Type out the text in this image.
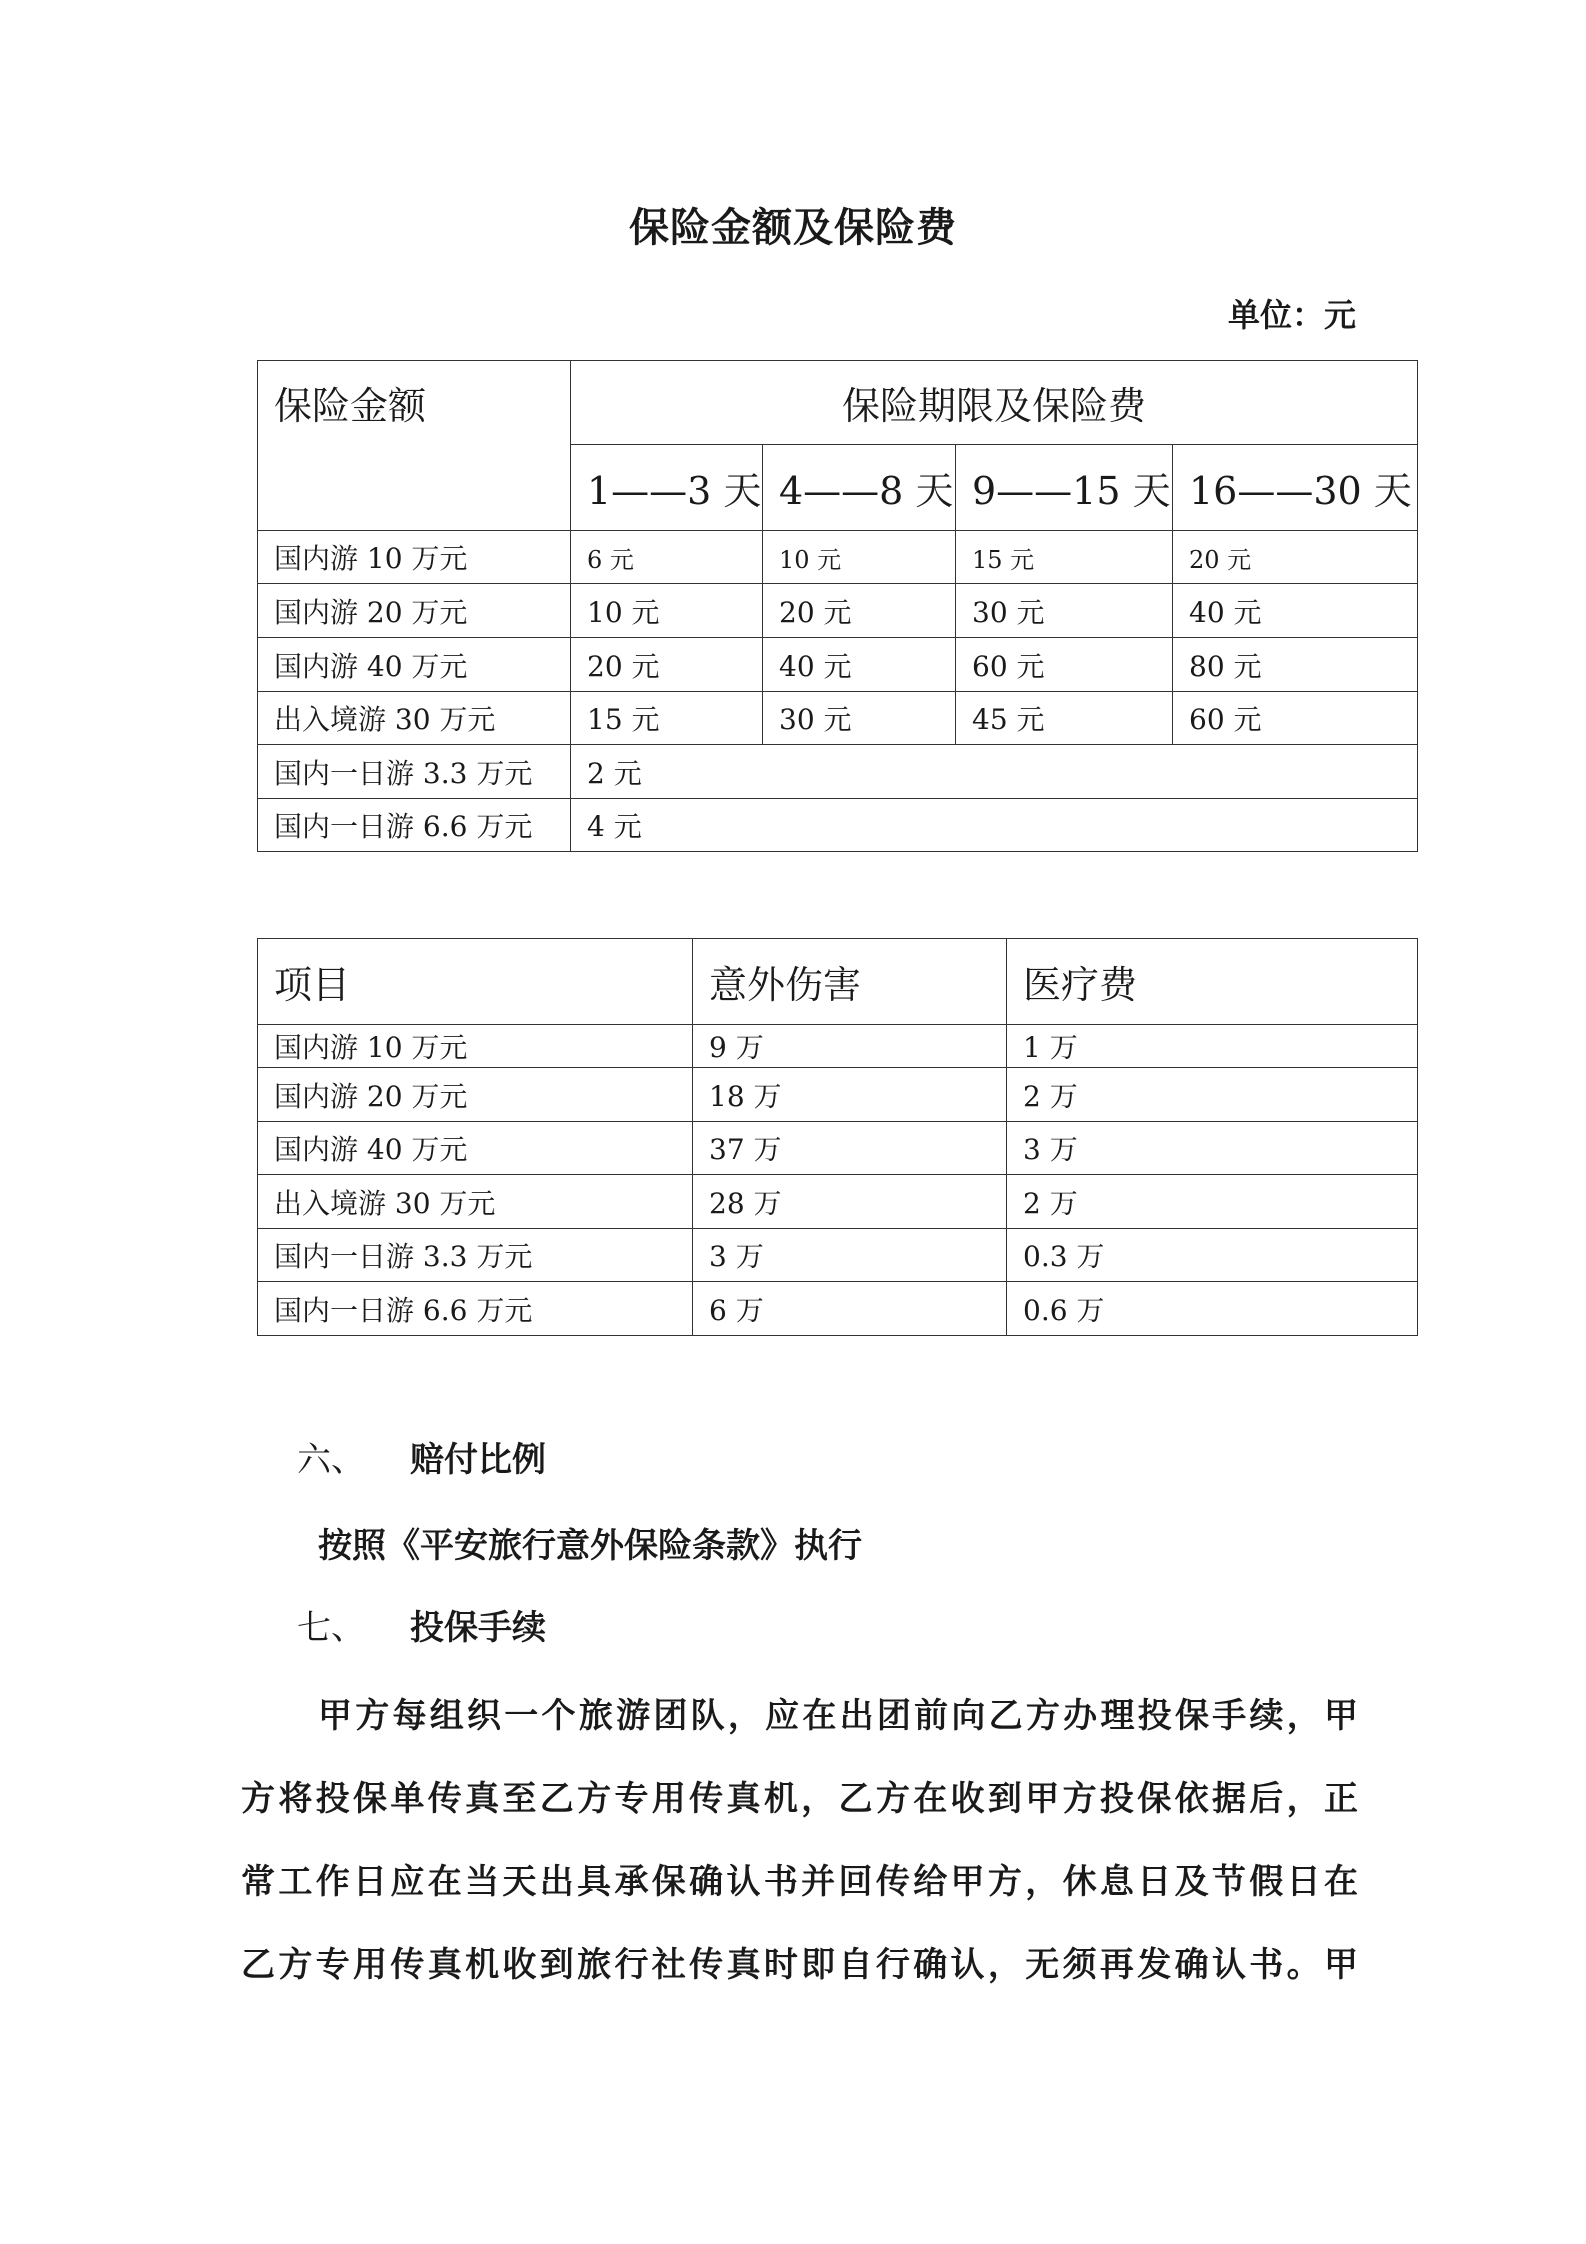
保险金额及保险费
单位：元
保险金额	保险期限及保险费			
	1——3 天	4——8 天	9——15 天	16——30 天
国内游 10 万元	6 元	10 元	15 元	20 元
国内游 20 万元	10 元	20 元	30 元	40 元
国内游 40 万元	20 元	40 元	60 元	80 元
出入境游 30 万元	15 元	30 元	45 元	60 元
国内一日游 3.3 万元	2 元			
国内一日游 6.6 万元	4 元			
项目	意外伤害	医疗费
国内游 10 万元	9 万	1 万
国内游 20 万元	18 万	2 万
国内游 40 万元	37 万	3 万
出入境游 30 万元	28 万	2 万
国内一日游 3.3 万元	3 万	0.3 万
国内一日游 6.6 万元	6 万	0.6 万
六、 赔付比例

按照《平安旅行意外保险条款》执行

七、 投保手续

甲方每组织一个旅游团队，应在出团前向乙方办理投保手续，甲

方将投保单传真至乙方专用传真机，乙方在收到甲方投保依据后，正

常工作日应在当天出具承保确认书并回传给甲方，休息日及节假日在

乙方专用传真机收到旅行社传真时即自行确认，无须再发确认书。甲
